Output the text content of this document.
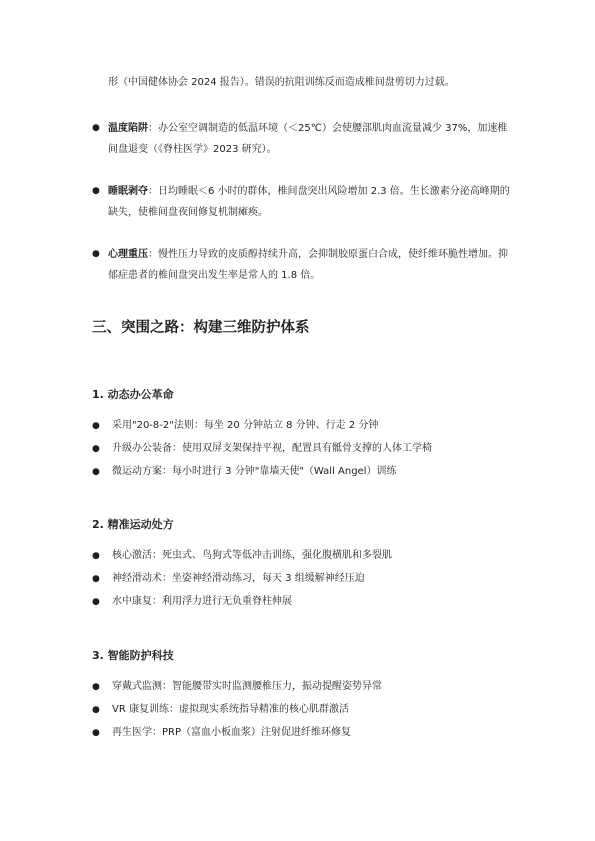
形（中国健体协会 2024 报告）。错误的抗阻训练反而造成椎间盘剪切力过载。

● 温度陷阱：办公室空调制造的低温环境（＜25℃）会使腰部肌肉血流量减少 37%，加速椎间盘退变（《脊柱医学》2023 研究）。
● 睡眠剥夺：日均睡眠＜6 小时的群体，椎间盘突出风险增加 2.3 倍。生长激素分泌高峰期的缺失，使椎间盘夜间修复机制瘫痪。
● 心理重压：慢性压力导致的皮质醇持续升高，会抑制胶原蛋白合成，使纤维环脆性增加。抑郁症患者的椎间盘突出发生率是常人的 1.8 倍。
三、突围之路：构建三维防护体系
1. 动态办公革命
● 采用"20-8-2"法则：每坐 20 分钟站立 8 分钟、行走 2 分钟
● 升级办公装备：使用双屏支架保持平视，配置具有骶骨支撑的人体工学椅
● 微运动方案：每小时进行 3 分钟"靠墙天使"（Wall Angel）训练
2. 精准运动处方
● 核心激活：死虫式、鸟狗式等低冲击训练，强化腹横肌和多裂肌
● 神经滑动术：坐姿神经滑动练习，每天 3 组缓解神经压迫
● 水中康复：利用浮力进行无负重脊柱伸展
3. 智能防护科技
● 穿戴式监测：智能腰带实时监测腰椎压力，振动提醒姿势异常
● VR 康复训练：虚拟现实系统指导精准的核心肌群激活
● 再生医学：PRP（富血小板血浆）注射促进纤维环修复
